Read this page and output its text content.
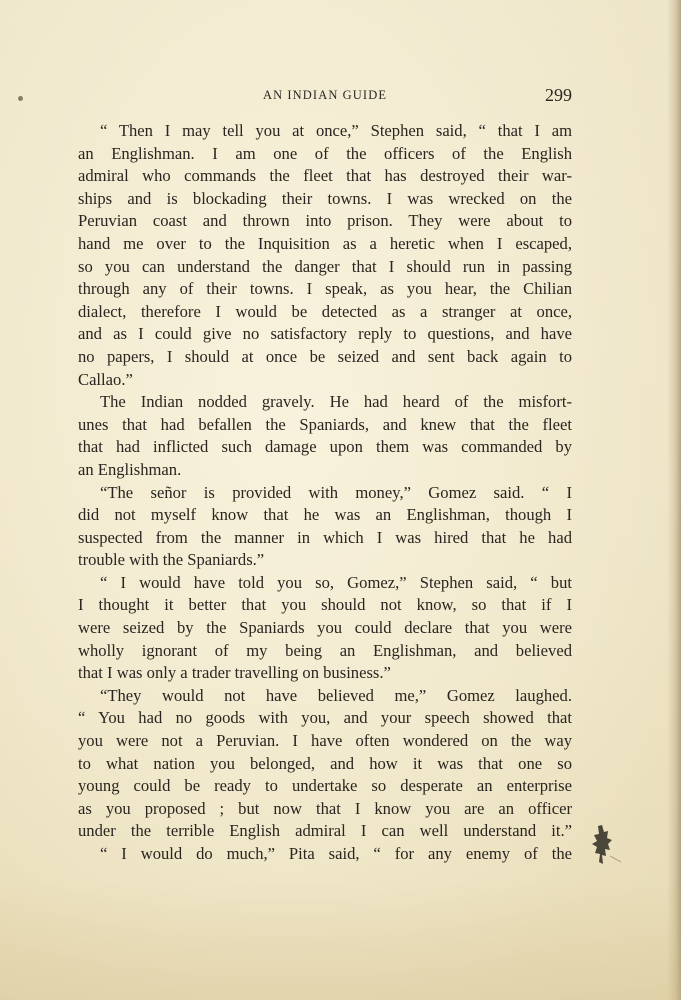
AN INDIAN GUIDE	299
“ Then I may tell you at once,” Stephen said, “ that I am
an Englishman. I am one of the officers of the English
admiral who commands the fleet that has destroyed their war-
ships and is blockading their towns. I was wrecked on the
Peruvian coast and thrown into prison. They were about to
hand me over to the Inquisition as a heretic when I escaped,
so you can understand the danger that I should run in passing
through any of their towns. I speak, as you hear, the Chilian
dialect, therefore I would be detected as a stranger at once,
and as I could give no satisfactory reply to questions, and have
no papers, I should at once be seized and sent back again to
Callao.”
The Indian nodded gravely. He had heard of the misfort-
unes that had befallen the Spaniards, and knew that the fleet
that had inflicted such damage upon them was commanded by
an Englishman.
“The señor is provided with money,” Gomez said. “ I
did not myself know that he was an Englishman, though I
suspected from the manner in which I was hired that he had
trouble with the Spaniards.”
“ I would have told you so, Gomez,” Stephen said, “ but
I thought it better that you should not know, so that if I
were seized by the Spaniards you could declare that you were
wholly ignorant of my being an Englishman, and believed
that I was only a trader travelling on business.”
“They would not have believed me,” Gomez laughed.
“ You had no goods with you, and your speech showed that
you were not a Peruvian. I have often wondered on the way
to what nation you belonged, and how it was that one so
young could be ready to undertake so desperate an enterprise
as you proposed ; but now that I know you are an officer
under the terrible English admiral I can well understand it.”
“ I would do much,” Pita said, “ for any enemy of the
